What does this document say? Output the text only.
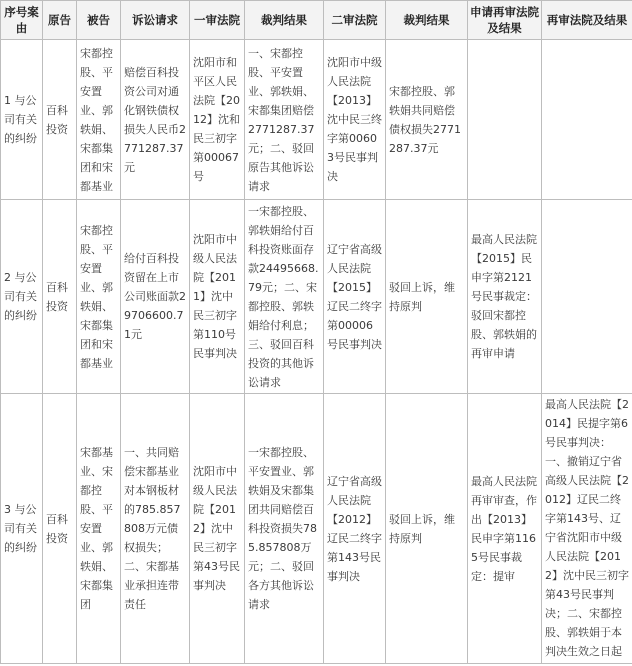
序号案由	原告	被告	诉讼请求	一审法院	裁判结果	二审法院	裁判结果	申请再审法院及结果	再审法院及结果
1 与公司有关的纠纷	百科投资	宋都控股、平安置业、郭轶娟、宋都集团和宋都基业	赔偿百科投资公司对通化钢铁债权损失人民币2771287.37元	沈阳市和平区人民法院【2012】沈和民三初字第00067号	一、宋都控股、平安置业、郭轶娟、宋都集团赔偿2771287.37元；二、驳回原告其他诉讼请求	沈阳市中级人民法院【2013】沈中民三终字第00603号民事判决	宋都控股、郭轶娟共同赔偿债权损失2771287.37元		
2 与公司有关的纠纷	百科投资	宋都控股、平安置业、郭轶娟、宋都集团和宋都基业	给付百科投资留在上市公司账面款29706600.71元	沈阳市中级人民法院【2011】沈中民三初字第110号民事判决	一宋都控股、郭轶娟给付百科投资账面存款24495668.79元；二、宋都控股、郭轶娟给付利息；三、驳回百科投资的其他诉讼请求	辽宁省高级人民法院【2015】辽民二终字第00006号民事判决	驳回上诉，维持原判	最高人民法院【2015】民申字第2121号民事裁定：驳回宋都控股、郭轶娟的再审申请	
3 与公司有关的纠纷	百科投资	宋都基业、宋都控股、平安置业、郭轶娟、宋都集团	一、共同赔偿宋都基业对本钢板材的785.857808万元债权损失；二、宋都基业承担连带责任	沈阳市中级人民法院【2012】沈中民三初字第43号民事判决	一宋都控股、平安置业、郭轶娟及宋都集团共同赔偿百科投资损失785.857808万元；二、驳回各方其他诉讼请求	辽宁省高级人民法院【2012】辽民二终字第143号民事判决	驳回上诉，维持原判	最高人民法院再审审查，作出【2013】民申字第1165号民事裁定：提审	最高人民法院【2014】民提字第6号民事判决：一、撤销辽宁省高级人民法院【2012】辽民二终字第143号、辽宁省沈阳市中级人民法院【2012】沈中民三初字第43号民事判决；二、宋都控股、郭轶娟于本判决生效之日起
